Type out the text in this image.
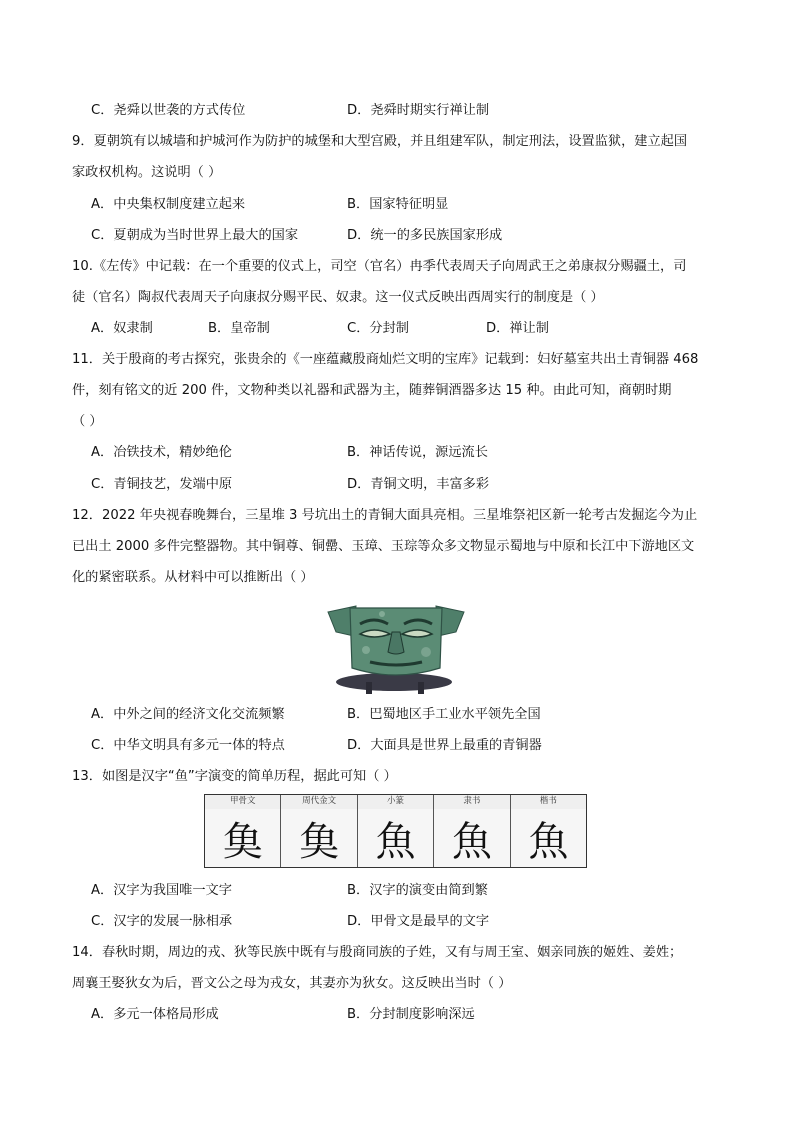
C．尧舜以世袭的方式传位	D．尧舜时期实行禅让制
9．夏朝筑有以城墙和护城河作为防护的城堡和大型宫殿，并且组建军队，制定刑法，设置监狱，建立起国
家政权机构。这说明（ ）
A．中央集权制度建立起来	B．国家特征明显
C．夏朝成为当时世界上最大的国家	D．统一的多民族国家形成
10.《左传》中记载：在一个重要的仪式上，司空（官名）冉季代表周天子向周武王之弟康叔分赐疆土，司
徒（官名）陶叔代表周天子向康叔分赐平民、奴隶。这一仪式反映出西周实行的制度是（ ）
A．奴隶制	B．皇帝制	C．分封制	D．禅让制
11．关于殷商的考古探究，张贵余的《一座蕴藏殷商灿烂文明的宝库》记载到：妇好墓室共出土青铜器 468
件，刻有铭文的近 200 件，文物种类以礼器和武器为主，随葬铜酒器多达 15 种。由此可知，商朝时期
（ ）
A．冶铁技术，精妙绝伦	B．神话传说，源远流长
C．青铜技艺，发端中原	D．青铜文明，丰富多彩
12．2022 年央视春晚舞台，三星堆 3 号坑出土的青铜大面具亮相。三星堆祭祀区新一轮考古发掘迄今为止
已出土 2000 多件完整器物。其中铜尊、铜罍、玉璋、玉琮等众多文物显示蜀地与中原和长江中下游地区文
化的紧密联系。从材料中可以推断出（ ）
A．中外之间的经济文化交流频繁	B．巴蜀地区手工业水平领先全国
C．中华文明具有多元一体的特点	D．大面具是世界上最重的青铜器
13．如图是汉字“鱼”字演变的简单历程，据此可知（ ）
甲骨文	周代金文	小篆	隶书	楷书
𩵋 𩵋 魚 魚 魚
A．汉字为我国唯一文字	B．汉字的演变由简到繁
C．汉字的发展一脉相承	D．甲骨文是最早的文字
14．春秋时期，周边的戎、狄等民族中既有与殷商同族的子姓，又有与周王室、姻亲同族的姬姓、姜姓；
周襄王娶狄女为后，晋文公之母为戎女，其妻亦为狄女。这反映出当时（ ）
A．多元一体格局形成	B．分封制度影响深远
